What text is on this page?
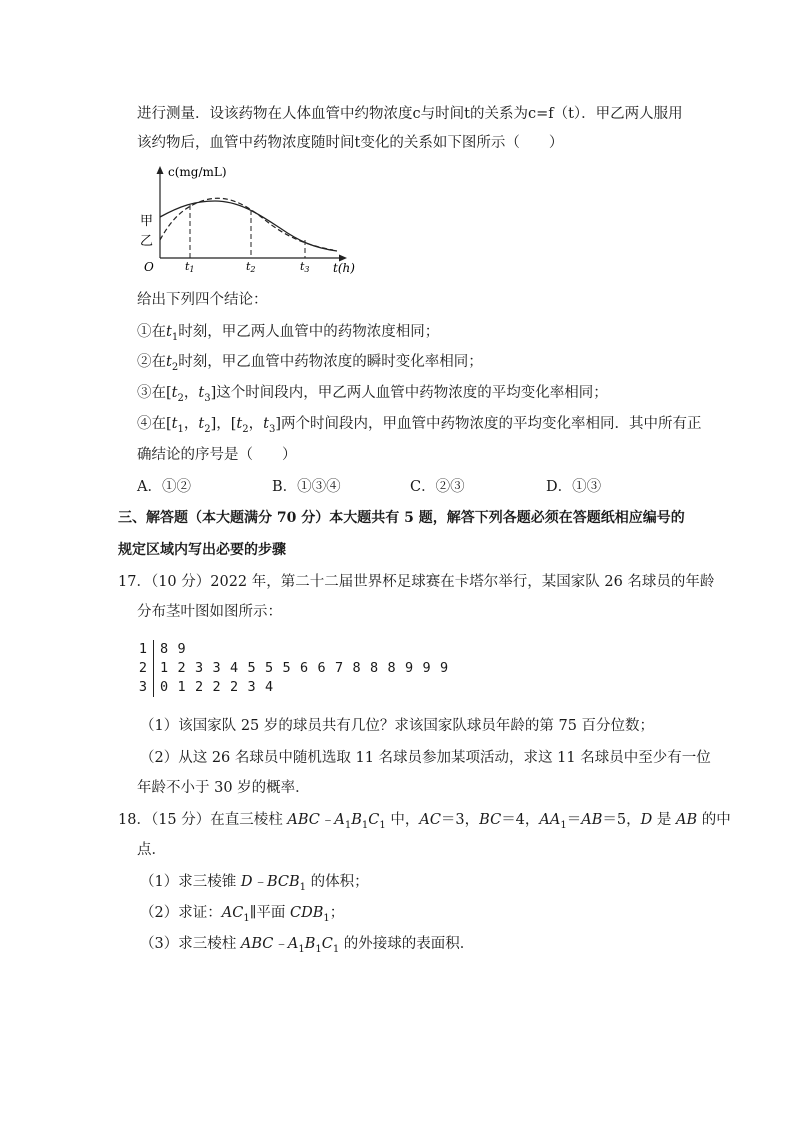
进行测量．设该药物在人体血管中约物浓度c与时间t的关系为c=f（t）．甲乙两人服用
该约物后，血管中药物浓度随时间t变化的关系如下图所示（　　）
c(mg/mL)
甲
乙
O	t1	t2	t3 t(h)
给出下列四个结论：
①在$t_1$时刻，甲乙两人血管中的药物浓度相同；
②在$t_2$时刻，甲乙血管中药物浓度的瞬时变化率相同；
③在[$t_2$，$t_3$]这个时间段内，甲乙两人血管中药物浓度的平均变化率相同；
④在[$t_1$，$t_2$]，[$t_2$，$t_3$]两个时间段内，甲血管中药物浓度的平均变化率相同．其中所有正
确结论的序号是（　　）
A．①②	B．①③④	C．②③	D．①③
三、解答题（本大题满分 70 分）本大题共有 5 题，解答下列各题必须在答题纸相应编号的
规定区域内写出必要的步骤
17．（10 分）2022 年，第二十二届世界杯足球赛在卡塔尔举行，某国家队 26 名球员的年龄
分布茎叶图如图所示：
1 8 9
2 1 2 3 3 4 5 5 5 6 6 7 8 8 8 9 9 9
3 0 1 2 2 2 3 4
（1）该国家队 25 岁的球员共有几位？求该国家队球员年龄的第 75 百分位数；
（2）从这 26 名球员中随机选取 11 名球员参加某项活动，求这 11 名球员中至少有一位
年龄不小于 30 岁的概率．
18．（15 分）在直三棱柱 $ABC﹣A_1B_1C_1$ 中，AC＝3，BC＝4，$AA_1=AB=5$，D 是 AB 的中
点．
（1）求三棱锥 $D﹣BCB_1$ 的体积；
（2）求证：$AC_1\parallel$平面 $CDB_1$；
（3）求三棱柱 $ABC﹣A_1B_1C_1$ 的外接球的表面积．
